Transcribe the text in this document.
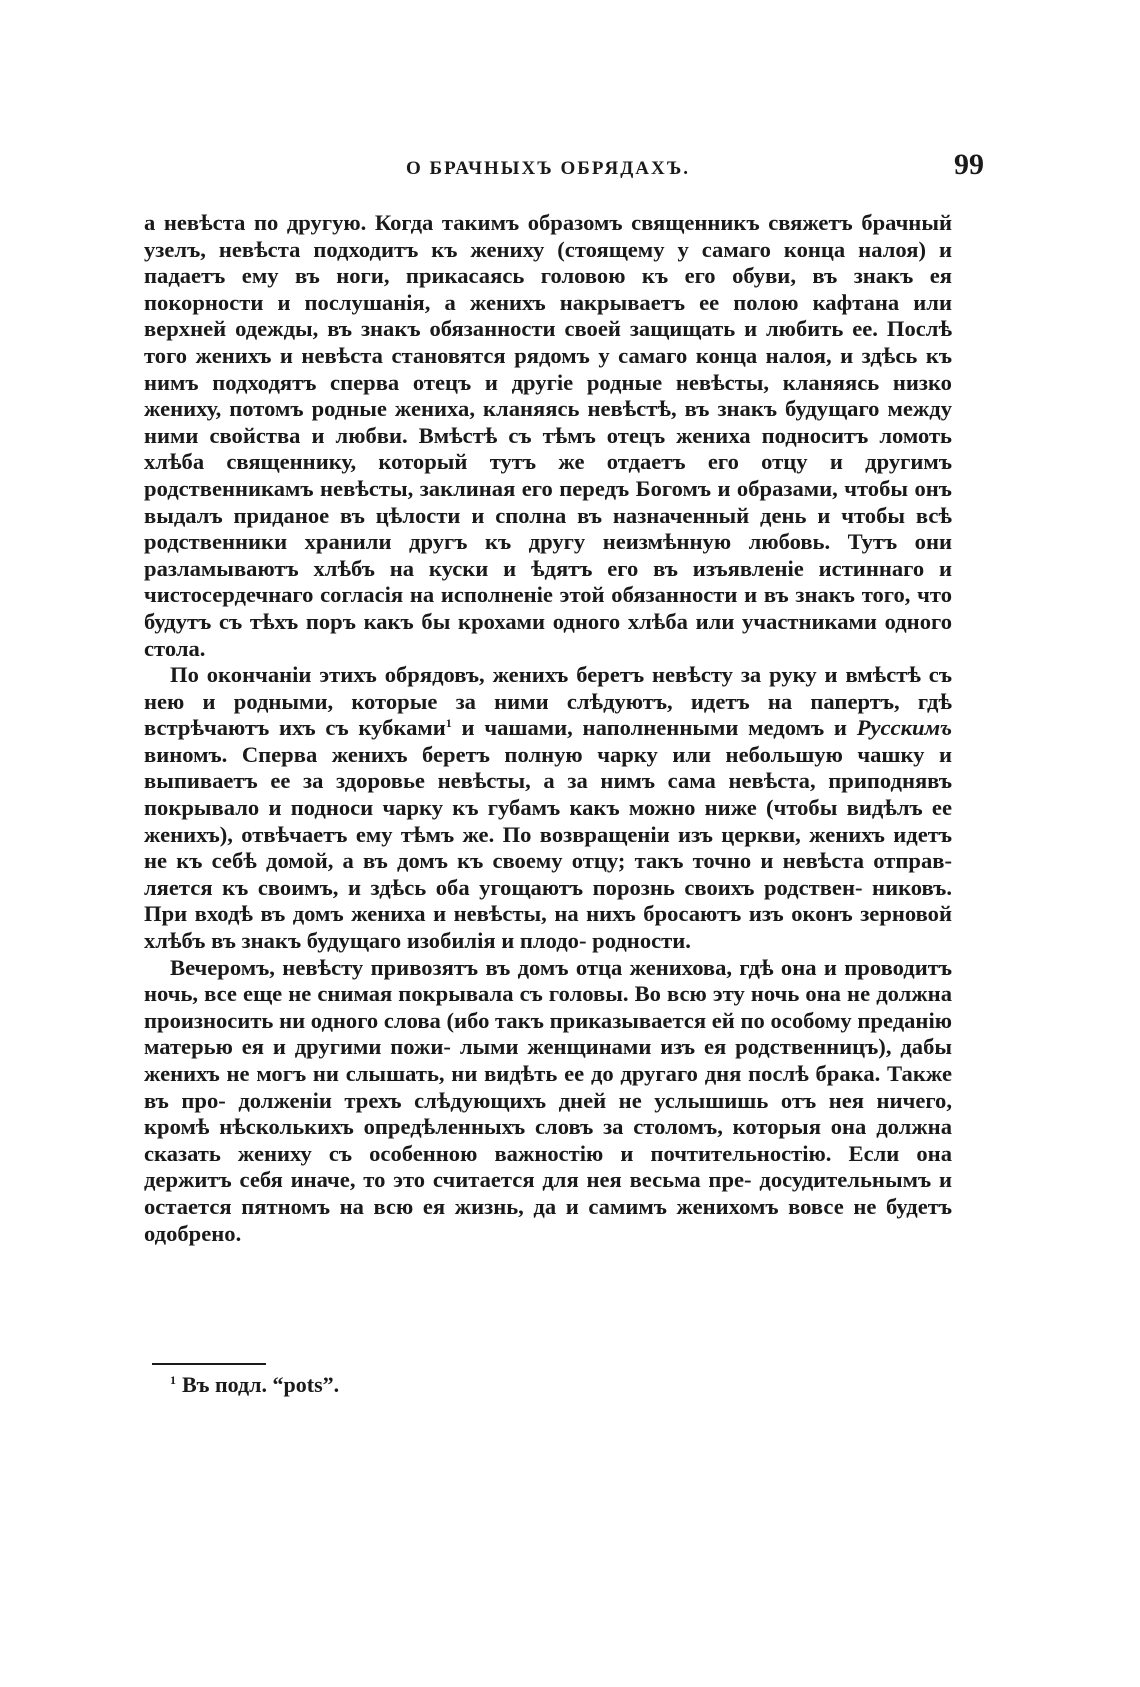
О БРАЧНЫХЪ ОБРЯДАХЪ.	99

а невѣста по другую. Когда такимъ образомъ священникъ свяжетъ брачный узелъ, невѣста подходитъ къ жениху (стоящему у самаго конца налоя) и падаетъ ему въ ноги, прикасаясь головою къ его обуви, въ знакъ ея покорности и послушанія, а женихъ накрываетъ ее полою кафтана или верхней одежды, въ знакъ обязанности своей защищать и любить ее. Послѣ того женихъ и невѣста становятся рядомъ у самаго конца налоя, и здѣсь къ нимъ подходятъ сперва отецъ и другіе родные невѣсты, кланяясь низко жениху, потомъ родные жениха, кланяясь невѣстѣ, въ знакъ будущаго между ними свойства и любви. Вмѣстѣ съ тѣмъ отецъ жениха подноситъ ломоть хлѣба священнику, который тутъ же отдаетъ его отцу и другимъ родственникамъ невѣсты, заклиная его передъ Богомъ и образами, чтобы онъ выдалъ приданое въ цѣлости и сполна въ назначенный день и чтобы всѣ родственники хранили другъ къ другу неизмѣнную любовь. Тутъ они разламываютъ хлѣбъ на куски и ѣдятъ его въ изъявленіе истиннаго и чистосердечнаго согласія на исполненіе этой обязанности и въ знакъ того, что будутъ съ тѣхъ поръ какъ бы крохами одного хлѣба или участниками одного стола.

По окончаніи этихъ обрядовъ, женихъ беретъ невѣсту за руку и вмѣстѣ съ нею и родными, которые за ними слѣдуютъ, идетъ на папертъ, гдѣ встрѣчаютъ ихъ съ кубками$^1$ и чашами, наполненными медомъ и Русскимъ виномъ. Сперва женихъ беретъ полную чарку или небольшую чашку и выпиваетъ ее за здоровье невѣсты, а за нимъ сама невѣста, приподнявъ покрывало и подноси чарку къ губамъ какъ можно ниже (чтобы видѣлъ ее женихъ), отвѣчаетъ ему тѣмъ же. По возвращеніи изъ церкви, женихъ идетъ не къ себѣ домой, а въ домъ къ своему отцу; такъ точно и невѣста отправ- ляется къ своимъ, и здѣсь оба угощаютъ порознь своихъ родствен- никовъ. При входѣ въ домъ жениха и невѣсты, на нихъ бросаютъ изъ оконъ зерновой хлѣбъ въ знакъ будущаго изобилія и плодо- родности.

Вечеромъ, невѣсту привозятъ въ домъ отца женихова, гдѣ она и проводитъ ночь, все еще не снимая покрывала съ головы. Во всю эту ночь она не должна произносить ни одного слова (ибо такъ приказывается ей по особому преданію матерью ея и другими пожи- лыми женщинами изъ ея родственницъ), дабы женихъ не могъ ни слышать, ни видѣть ее до другаго дня послѣ брака. Также въ про- долженіи трехъ слѣдующихъ дней не услышишь отъ нея ничего, кромѣ нѣсколькихъ опредѣленныхъ словъ за столомъ, которыя она должна сказать жениху съ особенною важностію и почтительностію. Если она держитъ себя иначе, то это считается для нея весьма пре- досудительнымъ и остается пятномъ на всю ея жизнь, да и самимъ женихомъ вовсе не будетъ одобрено.

$^1$ Въ подл. “pots”.
